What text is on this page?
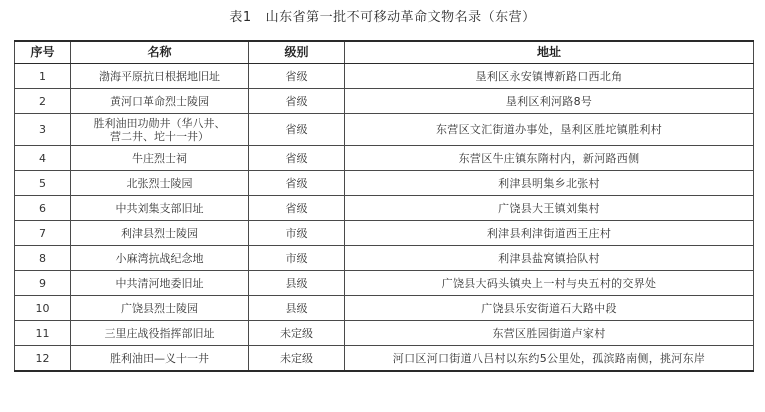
表1 山东省第一批不可移动革命文物名录（东营）
序号	名称	级别	地址
1	渤海平原抗日根据地旧址	省级	垦利区永安镇博新路口西北角
2	黄河口革命烈士陵园	省级	垦利区利河路8号
3	胜利油田功勋井（华八井、
营二井、坨十一井）	省级	东营区文汇街道办事处，垦利区胜坨镇胜利村
4	牛庄烈士祠	省级	东营区牛庄镇东隋村内，新河路西侧
5	北张烈士陵园	省级	利津县明集乡北张村
6	中共刘集支部旧址	省级	广饶县大王镇刘集村
7	利津县烈士陵园	市级	利津县利津街道西王庄村
8	小麻湾抗战纪念地	市级	利津县盐窝镇拾队村
9	中共清河地委旧址	县级	广饶县大码头镇央上一村与央五村的交界处
10	广饶县烈士陵园	县级	广饶县乐安街道石大路中段
11	三里庄战役指挥部旧址	未定级	东营区胜园街道卢家村
12	胜利油田—义十一井	未定级	河口区河口街道八吕村以东约5公里处，孤滨路南侧，挑河东岸
